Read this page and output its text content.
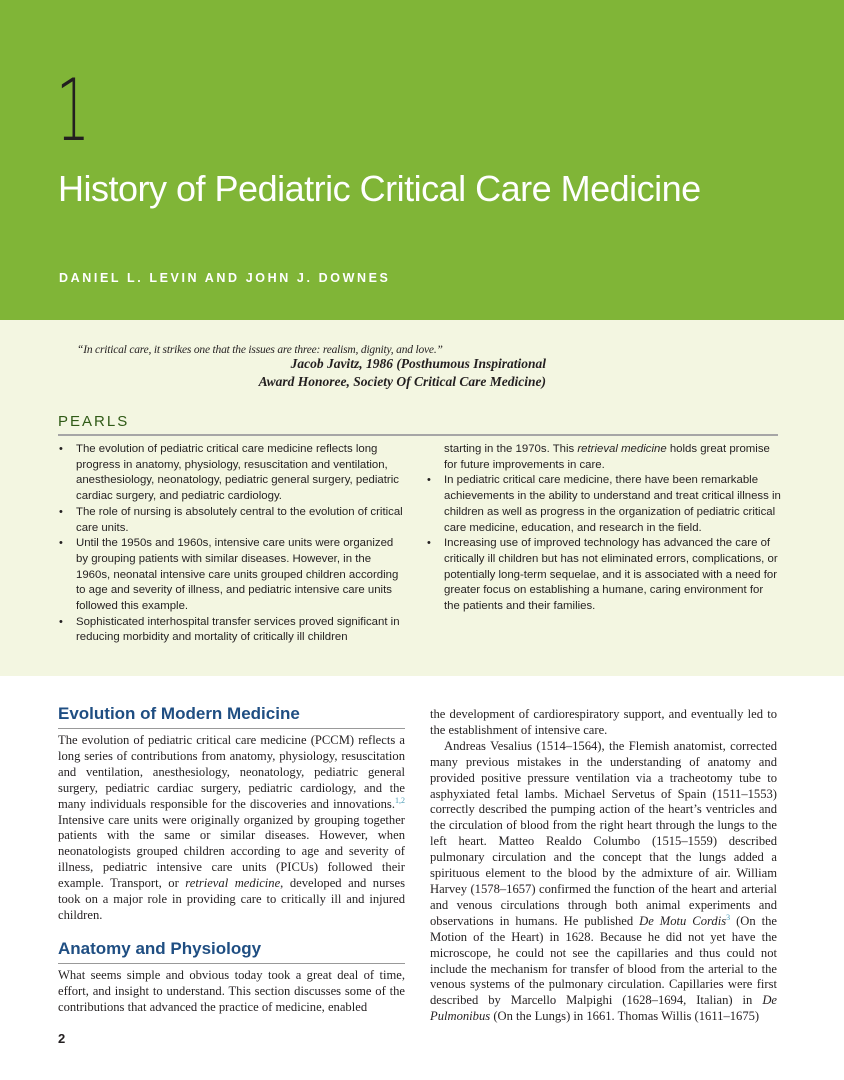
1
History of Pediatric Critical Care Medicine
DANIEL L. LEVIN AND JOHN J. DOWNES
“In critical care, it strikes one that the issues are three: realism, dignity, and love.”
Jacob Javitz, 1986 (Posthumous Inspirational
Award Honoree, Society Of Critical Care Medicine)
PEARLS
• The evolution of pediatric critical care medicine reflects long progress in anatomy, physiology, resuscitation and ventilation, anesthesiology, neonatology, pediatric general surgery, pediatric cardiac surgery, and pediatric cardiology.
• The role of nursing is absolutely central to the evolution of critical care units.
• Until the 1950s and 1960s, intensive care units were organized by grouping patients with similar diseases. However, in the 1960s, neonatal intensive care units grouped children according to age and severity of illness, and pediatric intensive care units followed this example.
• Sophisticated interhospital transfer services proved significant in reducing morbidity and mortality of critically ill children
starting in the 1970s. This retrieval medicine holds great promise for future improvements in care.
• In pediatric critical care medicine, there have been remarkable achievements in the ability to understand and treat critical illness in children as well as progress in the organization of pediatric critical care medicine, education, and research in the field.
• Increasing use of improved technology has advanced the care of critically ill children but has not eliminated errors, complications, or potentially long-term sequelae, and it is associated with a need for greater focus on establishing a humane, caring environment for the patients and their families.
Evolution of Modern Medicine

The evolution of pediatric critical care medicine (PCCM) reflects a long series of contributions from anatomy, physiology, resuscitation and ventilation, anesthesiology, neonatology, pediatric general surgery, pediatric cardiac surgery, pediatric cardiology, and the many individuals responsible for the discoveries and innovations.$^{1,2}$ Intensive care units were originally organized by grouping together patients with the same or similar diseases. However, when neonatologists grouped children according to age and severity of illness, pediatric intensive care units (PICUs) followed their example. Transport, or retrieval medicine, developed and nurses took on a major role in providing care to critically ill and injured children.

Anatomy and Physiology

What seems simple and obvious today took a great deal of time, effort, and insight to understand. This section discusses some of the contributions that advanced the practice of medicine, enabled

the development of cardiorespiratory support, and eventually led to the establishment of intensive care.

Andreas Vesalius (1514–1564), the Flemish anatomist, corrected many previous mistakes in the understanding of anatomy and provided positive pressure ventilation via a tracheotomy tube to asphyxiated fetal lambs. Michael Servetus of Spain (1511–1553) correctly described the pumping action of the heart’s ventricles and the circulation of blood from the right heart through the lungs to the left heart. Matteo Realdo Columbo (1515–1559) described pulmonary circulation and the concept that the lungs added a spirituous element to the blood by the admixture of air. William Harvey (1578–1657) confirmed the function of the heart and arterial and venous circulations through both animal experiments and observations in humans. He published De Motu Cordis$^3$ (On the Motion of the Heart) in 1628. Because he did not yet have the microscope, he could not see the capillaries and thus could not include the mechanism for transfer of blood from the arterial to the venous systems of the pulmonary circulation. Capillaries were first described by Marcello Malpighi (1628–1694, Italian) in De Pulmonibus (On the Lungs) in 1661. Thomas Willis (1611–1675)

2
